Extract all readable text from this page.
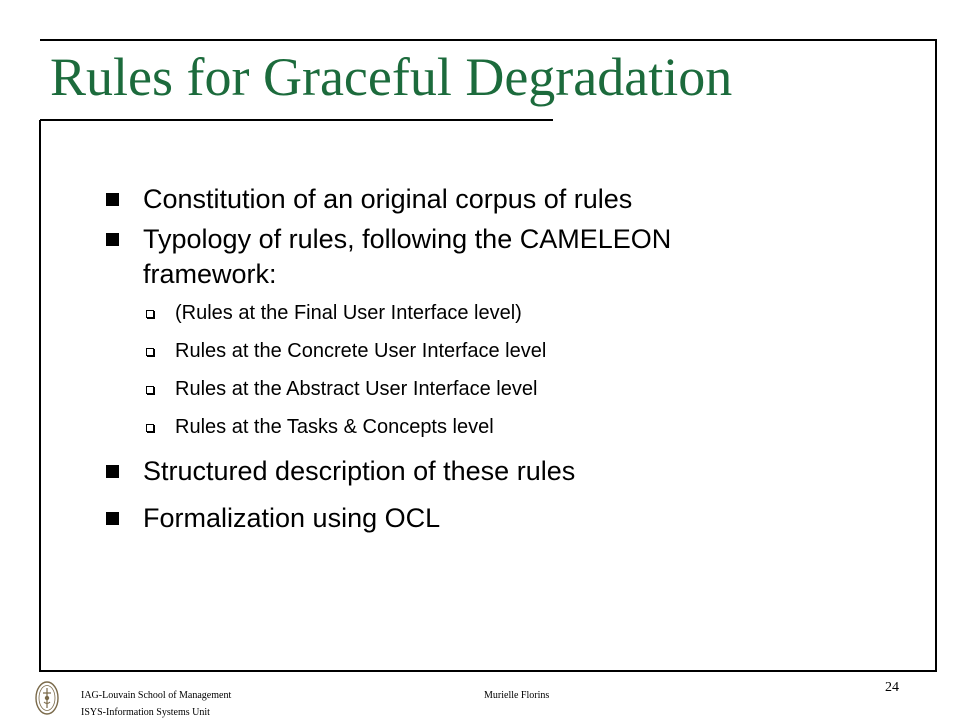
Rules for Graceful Degradation
Constitution of an original corpus of rules
Typology of rules, following the CAMELEON framework:
(Rules at the Final User Interface level)
Rules at the Concrete User Interface level
Rules at the Abstract User Interface level
Rules at the Tasks & Concepts level
Structured description of these rules
Formalization using OCL
IAG-Louvain School of Management
ISYS-Information Systems Unit
Murielle Florins
24
